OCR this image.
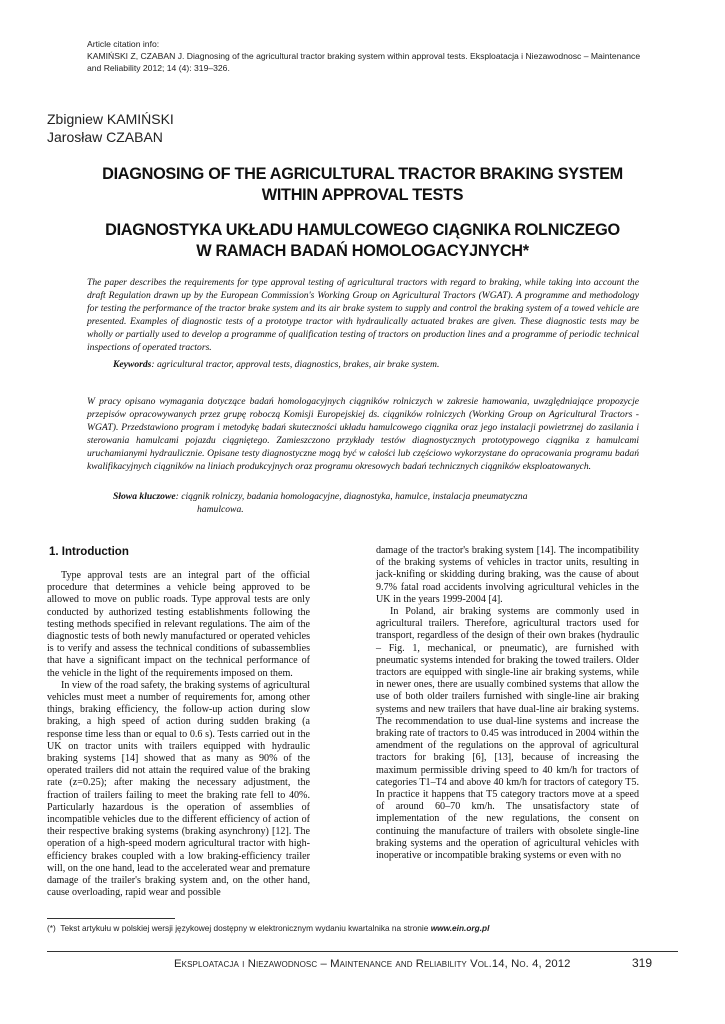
Article citation info:
KAMIŃSKI Z, CZABAN J. Diagnosing of the agricultural tractor braking system within approval tests. Eksploatacja i Niezawodnosc – Maintenance and Reliability 2012; 14 (4): 319–326.
Zbigniew KAMIŃSKI
Jarosław CZABAN
DIAGNOSING OF THE AGRICULTURAL TRACTOR BRAKING SYSTEM
WITHIN APPROVAL TESTS
DIAGNOSTYKA UKŁADU HAMULCOWEGO CIĄGNIKA ROLNICZEGO
W RAMACH BADAŃ HOMOLOGACYJNYCH*

The paper describes the requirements for type approval testing of agricultural tractors with regard to braking, while taking into account the draft Regulation drawn up by the European Commission's Working Group on Agricultural Tractors (WGAT). A programme and methodology for testing the performance of the tractor brake system and its air brake system to supply and control the braking system of a towed vehicle are presented. Examples of diagnostic tests of a prototype tractor with hydraulically actuated brakes are given. These diagnostic tests may be wholly or partially used to develop a programme of qualification testing of tractors on production lines and a programme of periodic technical inspections of operated tractors.

Keywords: agricultural tractor, approval tests, diagnostics, brakes, air brake system.

W pracy opisano wymagania dotyczące badań homologacyjnych ciągników rolniczych w zakresie hamowania, uwzględniające propozycje przepisów opracowywanych przez grupę roboczą Komisji Europejskiej ds. ciągników rolniczych (Working Group on Agricultural Tractors - WGAT). Przedstawiono program i metodykę badań skuteczności układu hamulcowego ciągnika oraz jego instalacji powietrznej do zasilania i sterowania hamulcami pojazdu ciągniętego. Zamieszczono przykłady testów diagnostycznych prototypowego ciągnika z hamulcami uruchamianymi hydraulicznie. Opisane testy diagnostyczne mogą być w całości lub częściowo wykorzystane do opracowania programu badań kwalifikacyjnych ciągników na liniach produkcyjnych oraz programu okresowych badań technicznych ciągników eksploatowanych.

Słowa kluczowe: ciągnik rolniczy, badania homologacyjne, diagnostyka, hamulce, instalacja pneumatyczna
hamulcowa.

1. Introduction

Type approval tests are an integral part of the official procedure that determines a vehicle being approved to be allowed to move on public roads. Type approval tests are only conducted by authorized testing establishments following the testing methods specified in relevant regulations. The aim of the diagnostic tests of both newly manufactured or operated vehicles is to verify and assess the technical conditions of subassemblies that have a significant impact on the technical performance of the vehicle in the light of the requirements imposed on them.

In view of the road safety, the braking systems of agricultural vehicles must meet a number of requirements for, among other things, braking efficiency, the follow-up action during slow braking, a high speed of action during sudden braking (a response time less than or equal to 0.6 s). Tests carried out in the UK on tractor units with trailers equipped with hydraulic braking systems [14] showed that as many as 90% of the operated trailers did not attain the required value of the braking rate (z=0.25); after making the necessary adjustment, the fraction of trailers failing to meet the braking rate fell to 40%. Particularly hazardous is the operation of assemblies of incompatible vehicles due to the different efficiency of action of their respective braking systems (braking asynchrony) [12]. The operation of a high-speed modern agricultural tractor with high-efficiency brakes coupled with a low braking-efficiency trailer will, on the one hand, lead to the accelerated wear and premature damage of the trailer's braking system and, on the other hand, cause overloading, rapid wear and possible

damage of the tractor's braking system [14]. The incompatibility of the braking systems of vehicles in tractor units, resulting in jack-knifing or skidding during braking, was the cause of about 9.7% fatal road accidents involving agricultural vehicles in the UK in the years 1999-2004 [4].

In Poland, air braking systems are commonly used in agricultural trailers. Therefore, agricultural tractors used for transport, regardless of the design of their own brakes (hydraulic – Fig. 1, mechanical, or pneumatic), are furnished with pneumatic systems intended for braking the towed trailers. Older tractors are equipped with single-line air braking systems, while in newer ones, there are usually combined systems that allow the use of both older trailers furnished with single-line air braking systems and new trailers that have dual-line air braking systems. The recommendation to use dual-line systems and increase the braking rate of tractors to 0.45 was introduced in 2004 within the amendment of the regulations on the approval of agricultural tractors for braking [6], [13], because of increasing the maximum permissible driving speed to 40 km/h for tractors of categories T1–T4 and above 40 km/h for tractors of category T5. In practice it happens that T5 category tractors move at a speed of around 60–70 km/h. The unsatisfactory state of implementation of the new regulations, the consent on continuing the manufacture of trailers with obsolete single-line braking systems and the operation of agricultural vehicles with inoperative or incompatible braking systems or even with no

(*) Tekst artykułu w polskiej wersji językowej dostępny w elektronicznym wydaniu kwartalnika na stronie www.ein.org.pl
Eksploatacja i Niezawodnosc – Maintenance and Reliability Vol.14, No. 4, 2012	319
